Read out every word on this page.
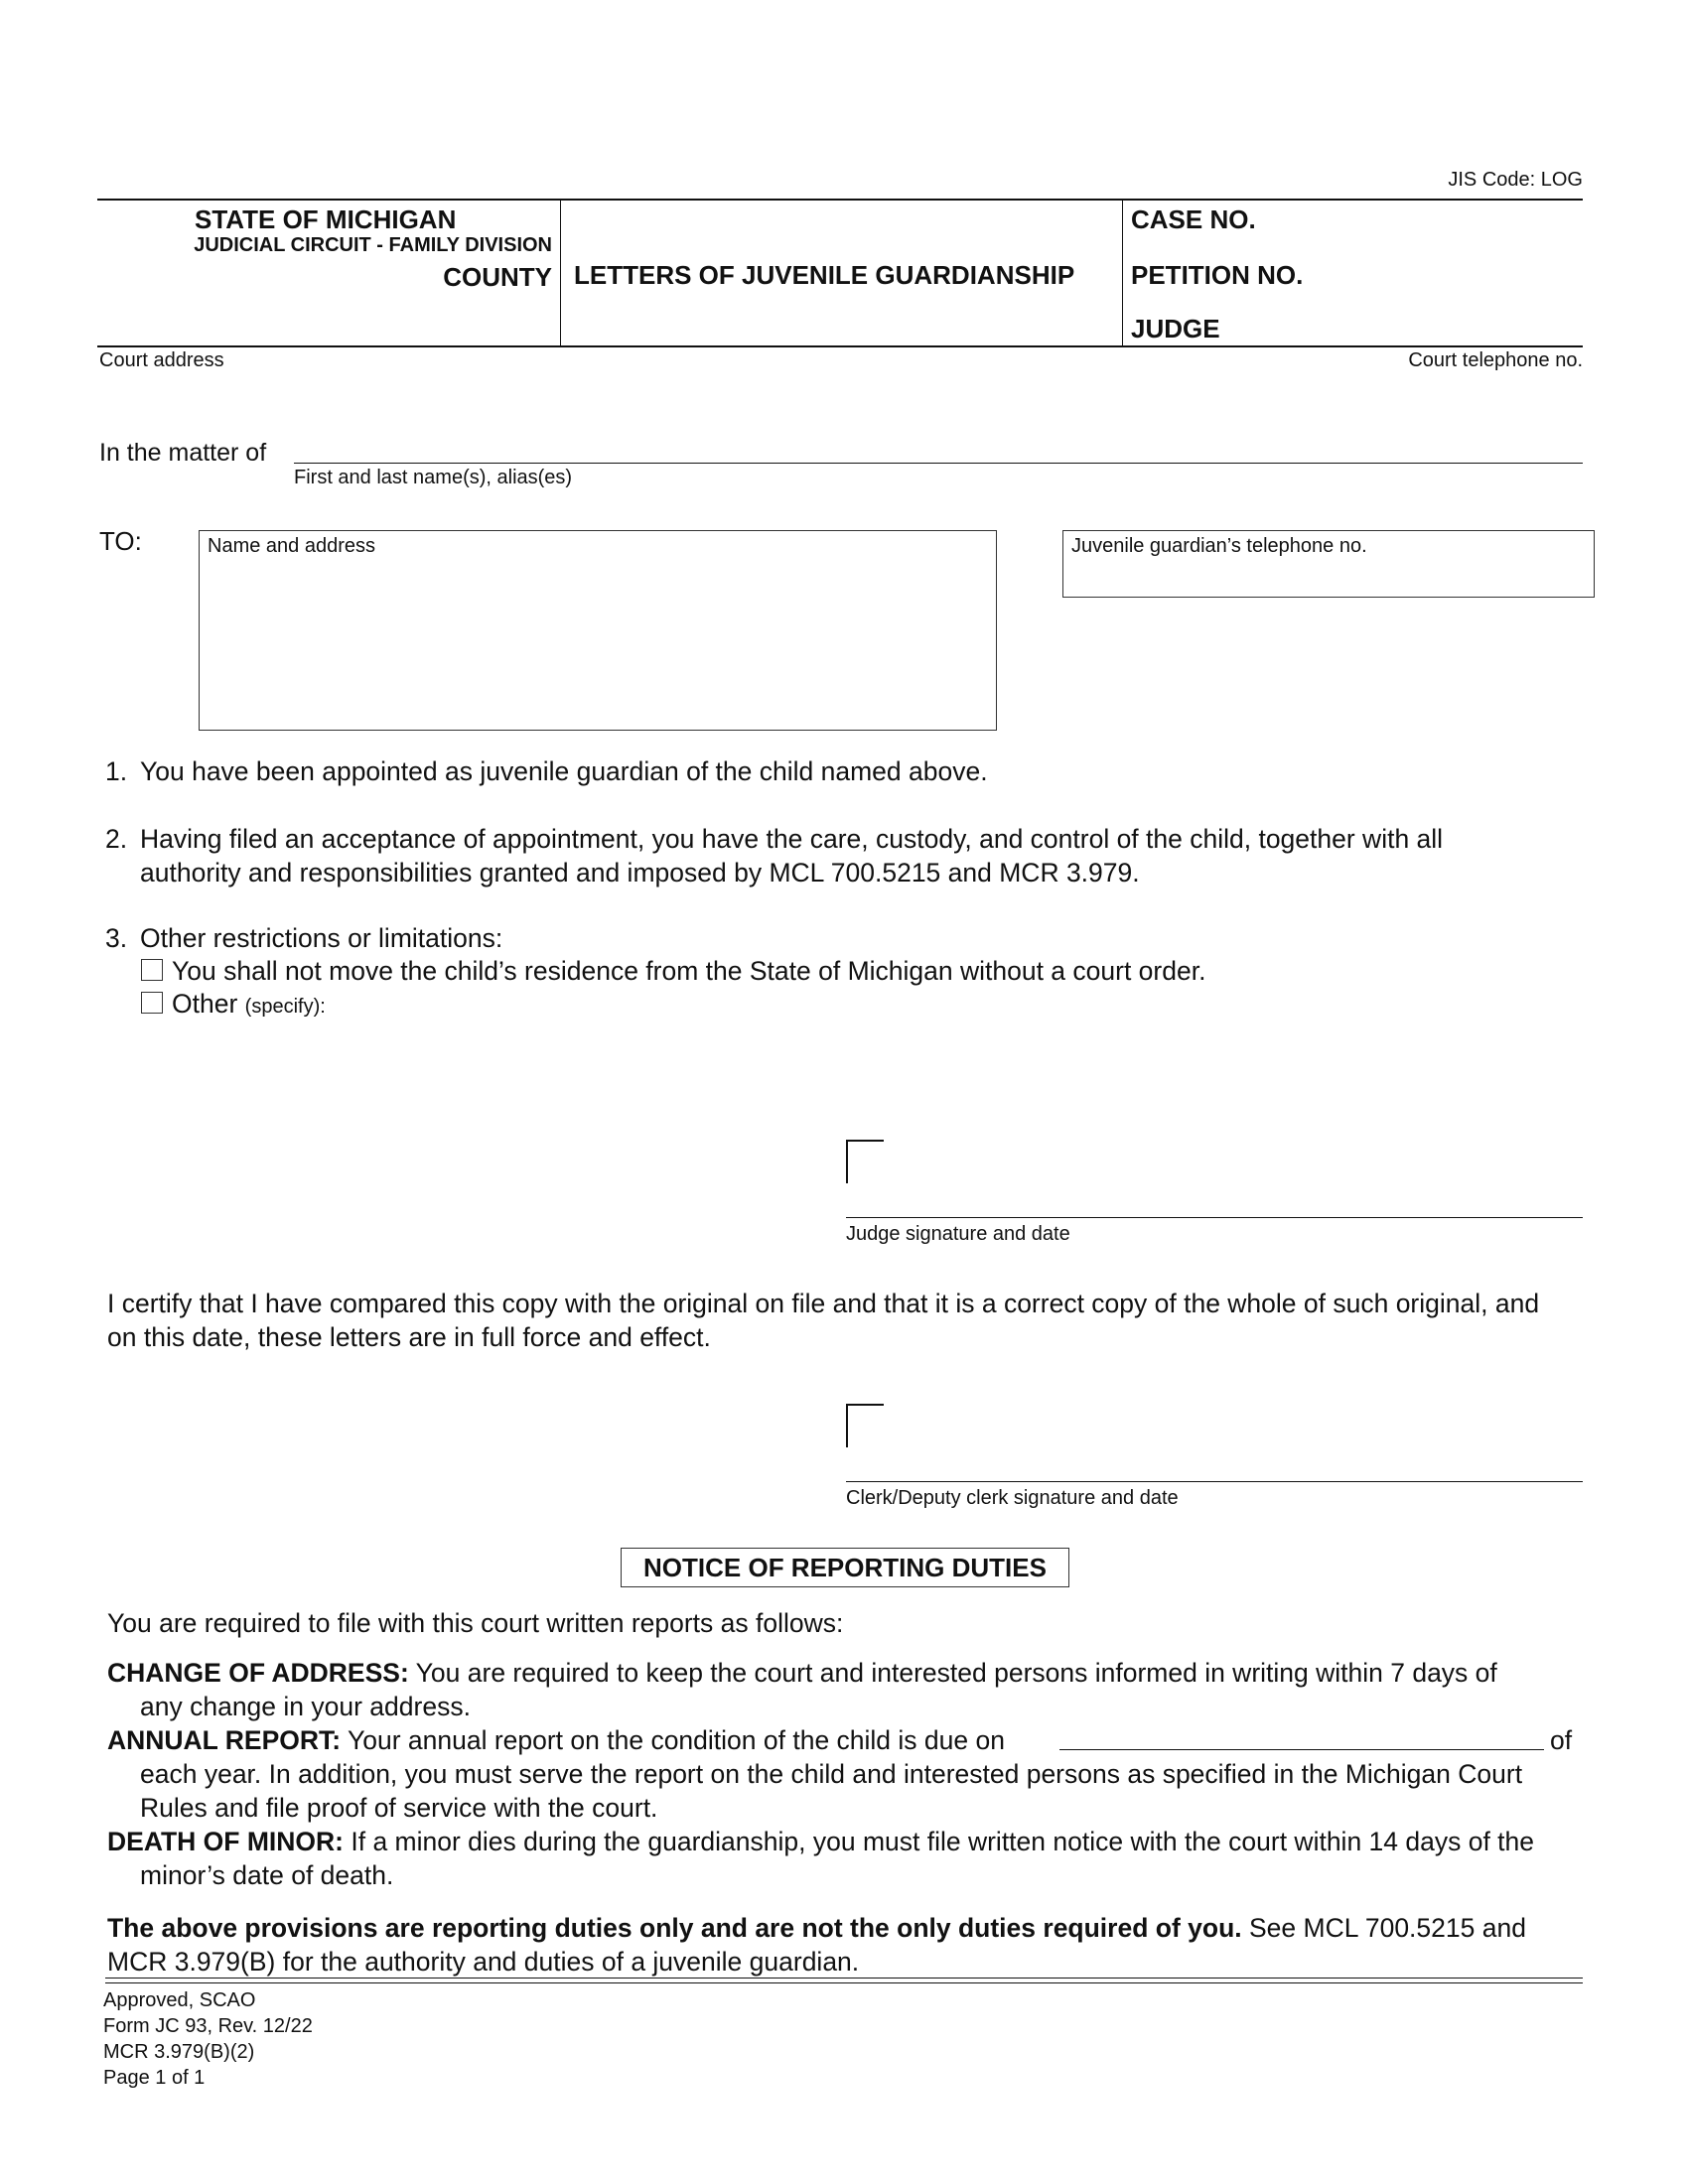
JIS Code: LOG
STATE OF MICHIGAN
JUDICIAL CIRCUIT - FAMILY DIVISION
COUNTY LETTERS OF JUVENILE GUARDIANSHIP
CASE NO.
PETITION NO.
JUDGE
Court address	Court telephone no.
In the matter of
First and last name(s), alias(es)
TO:	Name and address	Juvenile guardian’s telephone no.
1. You have been appointed as juvenile guardian of the child named above.
2. Having filed an acceptance of appointment, you have the care, custody, and control of the child, together with all
authority and responsibilities granted and imposed by MCL 700.5215 and MCR 3.979.
3. Other restrictions or limitations:
You shall not move the child’s residence from the State of Michigan without a court order.
Other (specify):
Judge signature and date
I certify that I have compared this copy with the original on file and that it is a correct copy of the whole of such original, and
on this date, these letters are in full force and effect.
Clerk/Deputy clerk signature and date
NOTICE OF REPORTING DUTIES
You are required to file with this court written reports as follows:
CHANGE OF ADDRESS: You are required to keep the court and interested persons informed in writing within 7 days of
any change in your address.
ANNUAL REPORT: Your annual report on the condition of the child is due on	of
each year. In addition, you must serve the report on the child and interested persons as specified in the Michigan Court
Rules and file proof of service with the court.
DEATH OF MINOR: If a minor dies during the guardianship, you must file written notice with the court within 14 days of the
minor’s date of death.
The above provisions are reporting duties only and are not the only duties required of you. See MCL 700.5215 and
MCR 3.979(B) for the authority and duties of a juvenile guardian.
Approved, SCAO
Form JC 93, Rev. 12/22
MCR 3.979(B)(2)
Page 1 of 1
